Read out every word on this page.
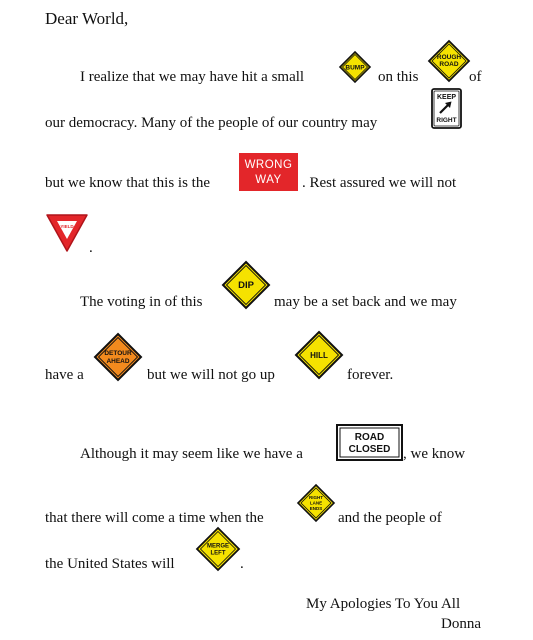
Dear World,
I realize that we may have hit a small	on this	of
our democracy. Many of the people of our country may
but we know that this is the	. Rest assured we will not
.
The voting in of this	may be a set back and we may
have a	but we will not go up	forever.
Although it may seem like we have a	, we know
that there will come a time when the	and the people of
the United States will	.
My Apologies To You All
Donna
BUMP
ROUGH
ROAD
KEEP
RIGHT
WRONG
WAY
YIELD
DIP
DETOUR
AHEAD
HILL
ROAD
CLOSED
RIGHT
LANE
ENDS
MERGE
LEFT
